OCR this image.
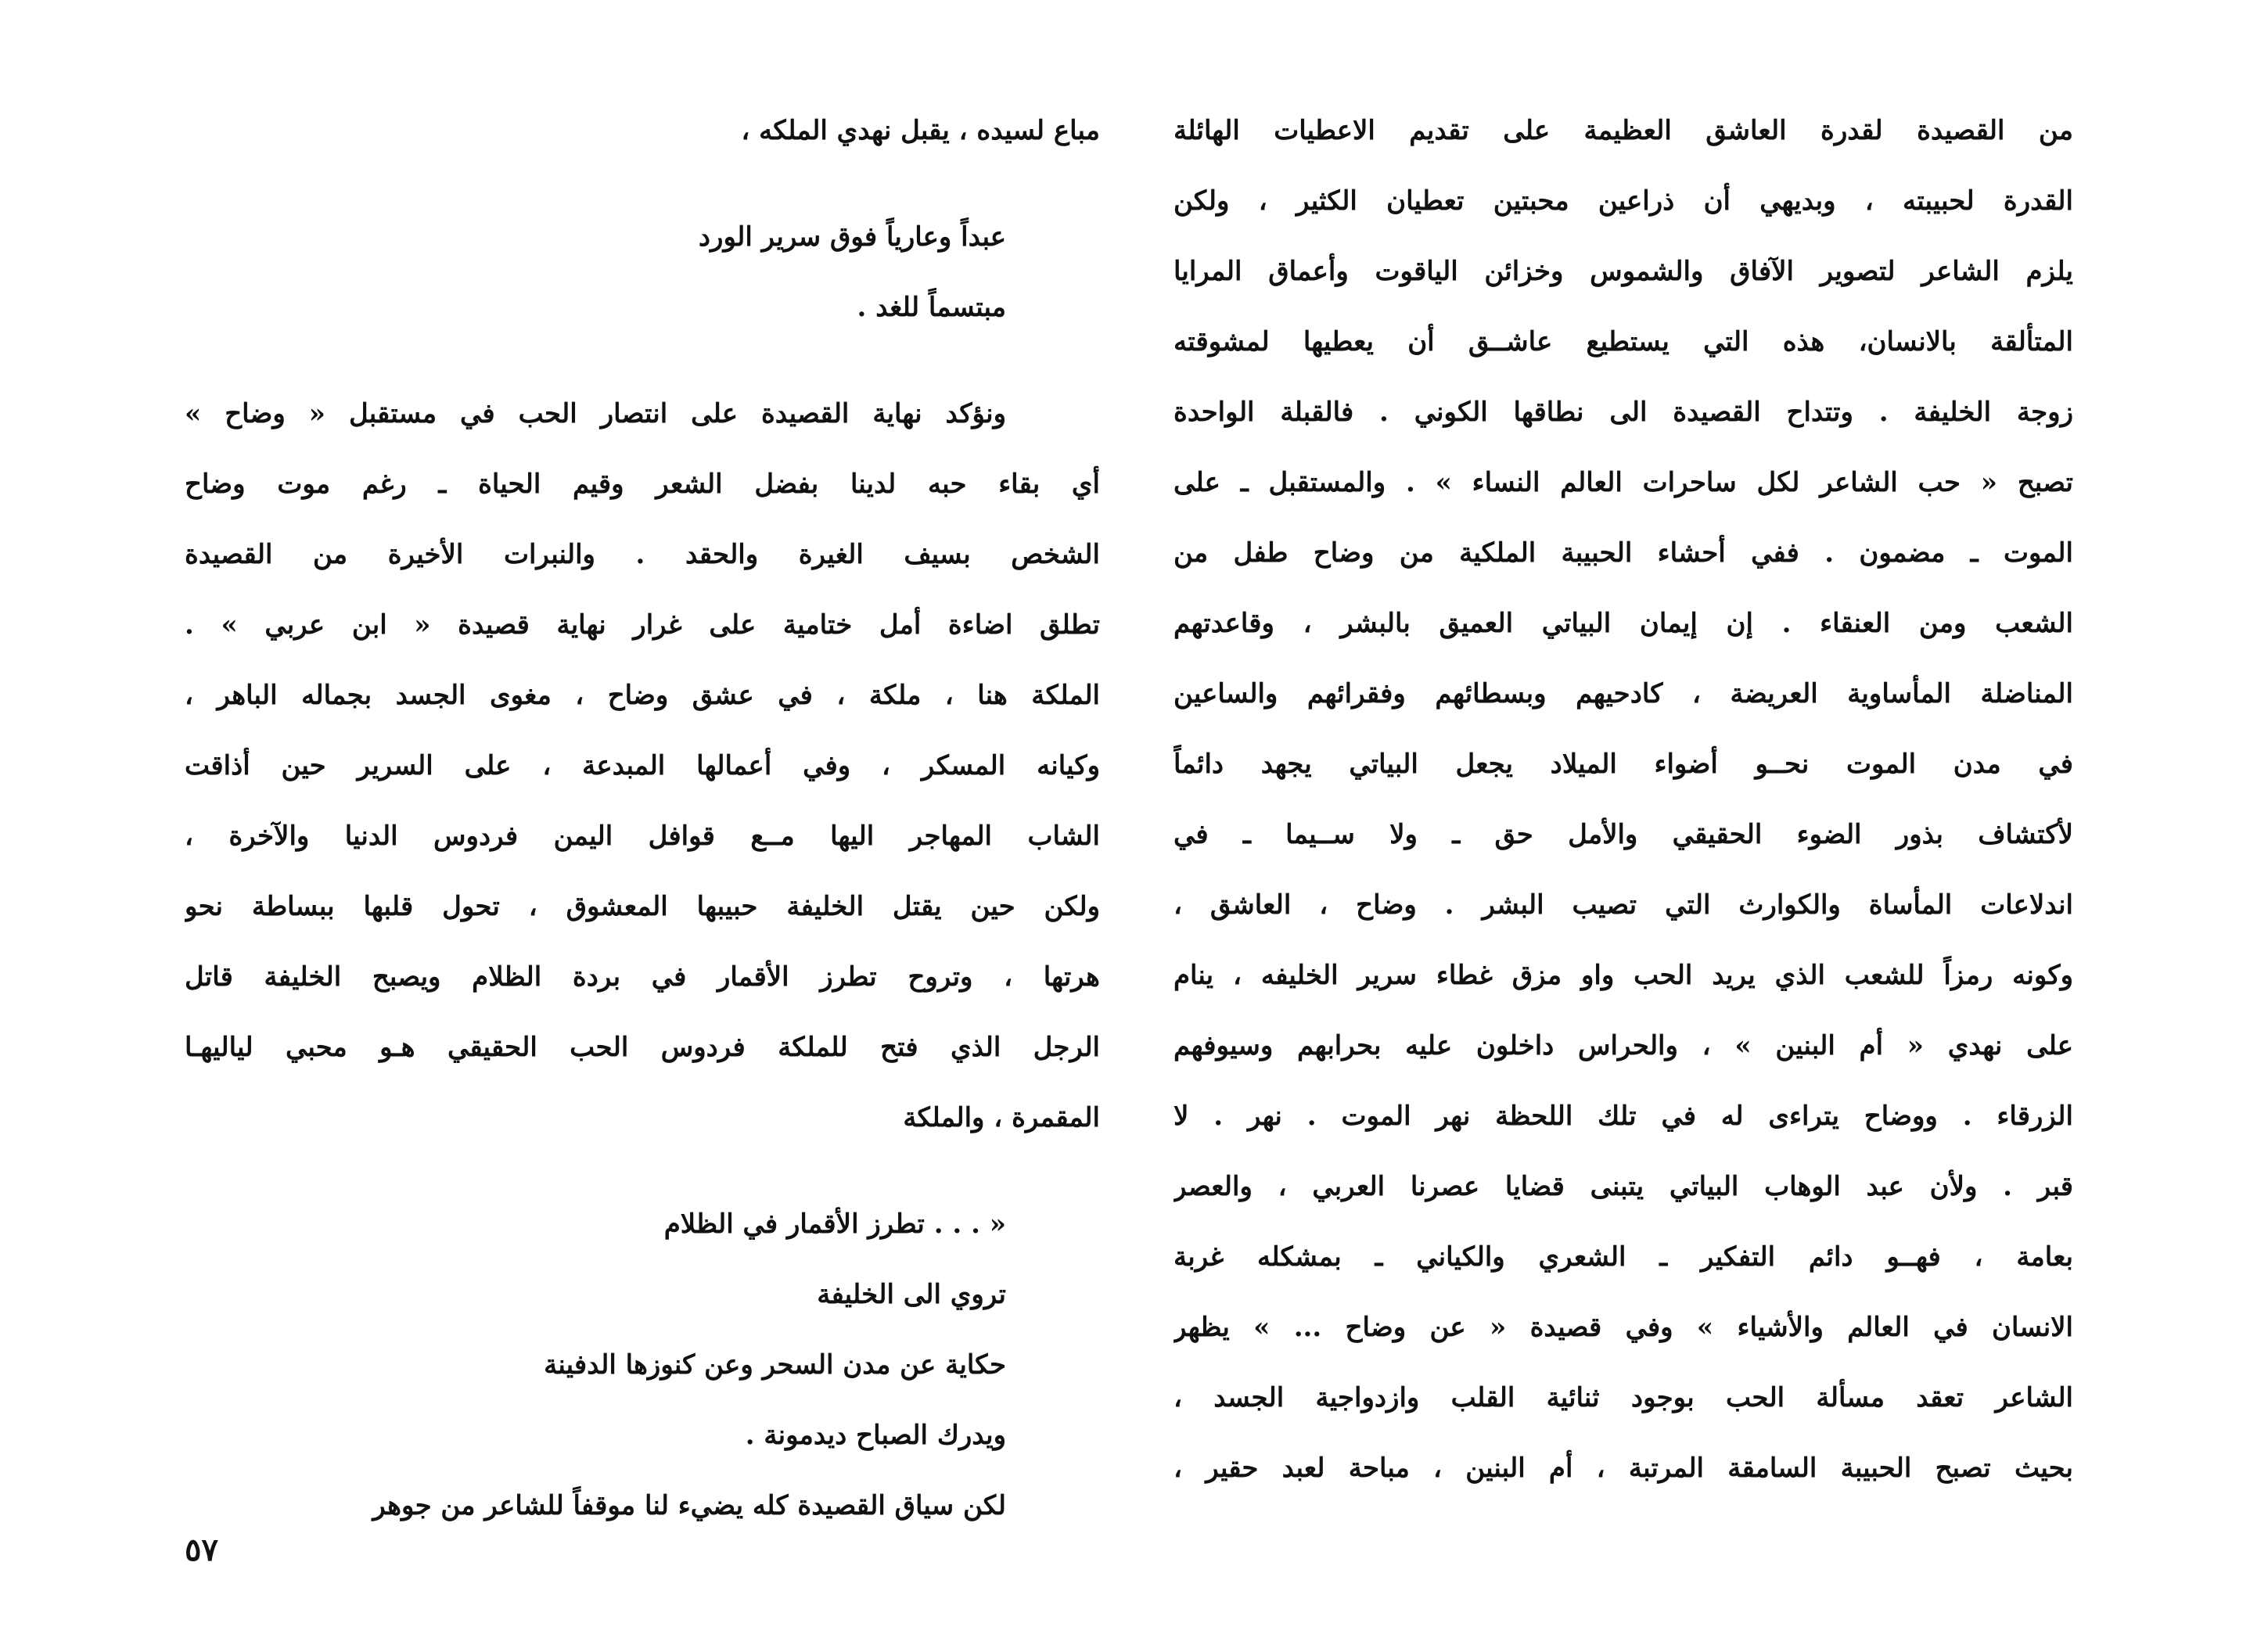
من القصيدة لقدرة العاشق العظيمة على تقديم الاعطيات الهائلة
القدرة لحبيبته ، وبديهي أن ذراعين محبتين تعطيان الكثير ، ولكن
يلزم الشاعر لتصوير الآفاق والشموس وخزائن الياقوت وأعماق المرايا
المتألقة بالانسان، هذه التي يستطيع عاشــق أن يعطيها لمشوقته
زوجة الخليفة . وتتداح القصيدة الى نطاقها الكوني . فالقبلة الواحدة
تصبح « حب الشاعر لكل ساحرات العالم النساء » . والمستقبل ـ على
الموت ـ مضمون . ففي أحشاء الحبيبة الملكية من وضاح طفل من
الشعب ومن العنقاء . إن إيمان البياتي العميق بالبشر ، وقاعدتهم
المناضلة المأساوية العريضة ، كادحيهم وبسطائهم وفقرائهم والساعين
في مدن الموت نحــو أضواء الميلاد يجعل البياتي يجهد دائماً
لأكتشاف بذور الضوء الحقيقي والأمل حق ـ ولا ســيما ـ في
اندلاعات المأساة والكوارث التي تصيب البشر . وضاح ، العاشق ،
وكونه رمزاً للشعب الذي يريد الحب واو مزق غطاء سرير الخليفه ، ينام
على نهدي « أم البنين » ، والحراس داخلون عليه بحرابهم وسيوفهم
الزرقاء . ووضاح يتراءى له في تلك اللحظة نهر الموت . نهر . لا
قبر . ولأن عبد الوهاب البياتي يتبنى قضايا عصرنا العربي ، والعصر
بعامة ، فهــو دائم التفكير ـ الشعري والكياني ـ بمشكله غربة
الانسان في العالم والأشياء » وفي قصيدة « عن وضاح ... » يظهر
الشاعر تعقد مسألة الحب بوجود ثنائية القلب وازدواجية الجسد ،
بحيث تصبح الحبيبة السامقة المرتبة ، أم البنين ، مباحة لعبد حقير ،
مباع لسيده ، يقبل نهدي الملكه ،
عبداً وعارياً فوق سرير الورد
مبتسماً للغد .
ونؤكد نهاية القصيدة على انتصار الحب في مستقبل « وضاح »
أي بقاء حبه لدينا بفضل الشعر وقيم الحياة ـ رغم موت وضاح
الشخص بسيف الغيرة والحقد . والنبرات الأخيرة من القصيدة
تطلق اضاءة أمل ختامية على غرار نهاية قصيدة « ابن عربي » .
الملكة هنا ، ملكة ، في عشق وضاح ، مغوى الجسد بجماله الباهر ،
وكيانه المسكر ، وفي أعمالها المبدعة ، على السرير حين أذاقت
الشاب المهاجر اليها مــع قوافل اليمن فردوس الدنيا والآخرة ،
ولكن حين يقتل الخليفة حبيبها المعشوق ، تحول قلبها ببساطة نحو
هرتها ، وتروح تطرز الأقمار في بردة الظلام ويصبح الخليفة قاتل
الرجل الذي فتح للملكة فردوس الحب الحقيقي هـو محبي لياليهـا
المقمرة ، والملكة
« . . . تطرز الأقمار في الظلام
تروي الى الخليفة
حكاية عن مدن السحر وعن كنوزها الدفينة
ويدرك الصباح ديدمونة .
لكن سياق القصيدة كله يضيء لنا موقفاً للشاعر من جوهر
٥٧
